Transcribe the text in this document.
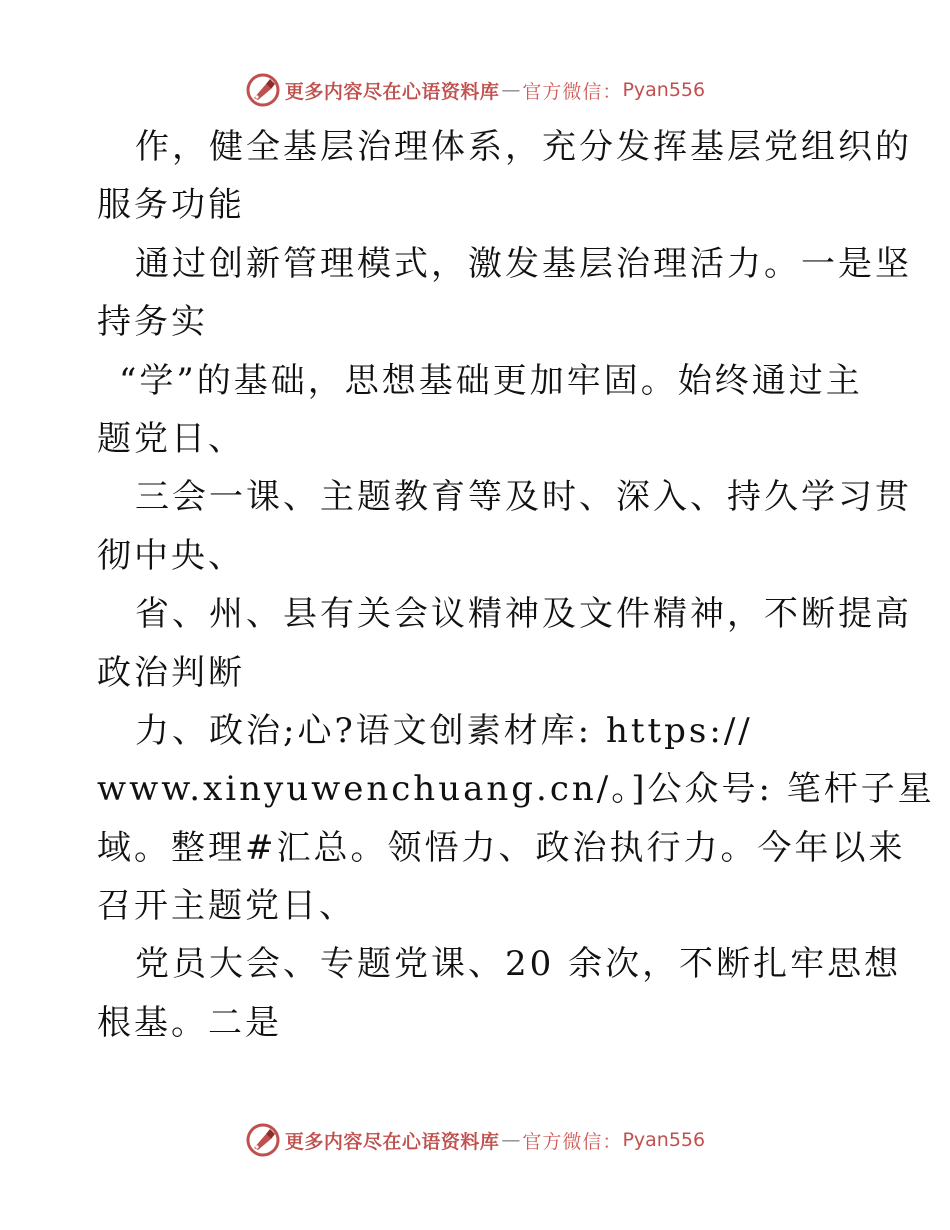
更多内容尽在心语资料库 — 官方微信： Pyan556
作，健全基层治理体系，充分发挥基层党组织的
服务功能
通过创新管理模式，激发基层治理活力。一是坚
持务实
“学”的基础，思想基础更加牢固。始终通过主
题党日、
三会一课、主题教育等及时、深入、持久学习贯
彻中央、
省、州、县有关会议精神及文件精神，不断提高
政治判断
力、政治;心?语文创素材库: https://
www.xinyuwenchuang.cn/。]公众号: 笔杆子星
域。整理#汇总。领悟力、政治执行力。今年以来
召开主题党日、
党员大会、专题党课、20 余次，不断扎牢思想
根基。二是
更多内容尽在心语资料库 — 官方微信： Pyan556
